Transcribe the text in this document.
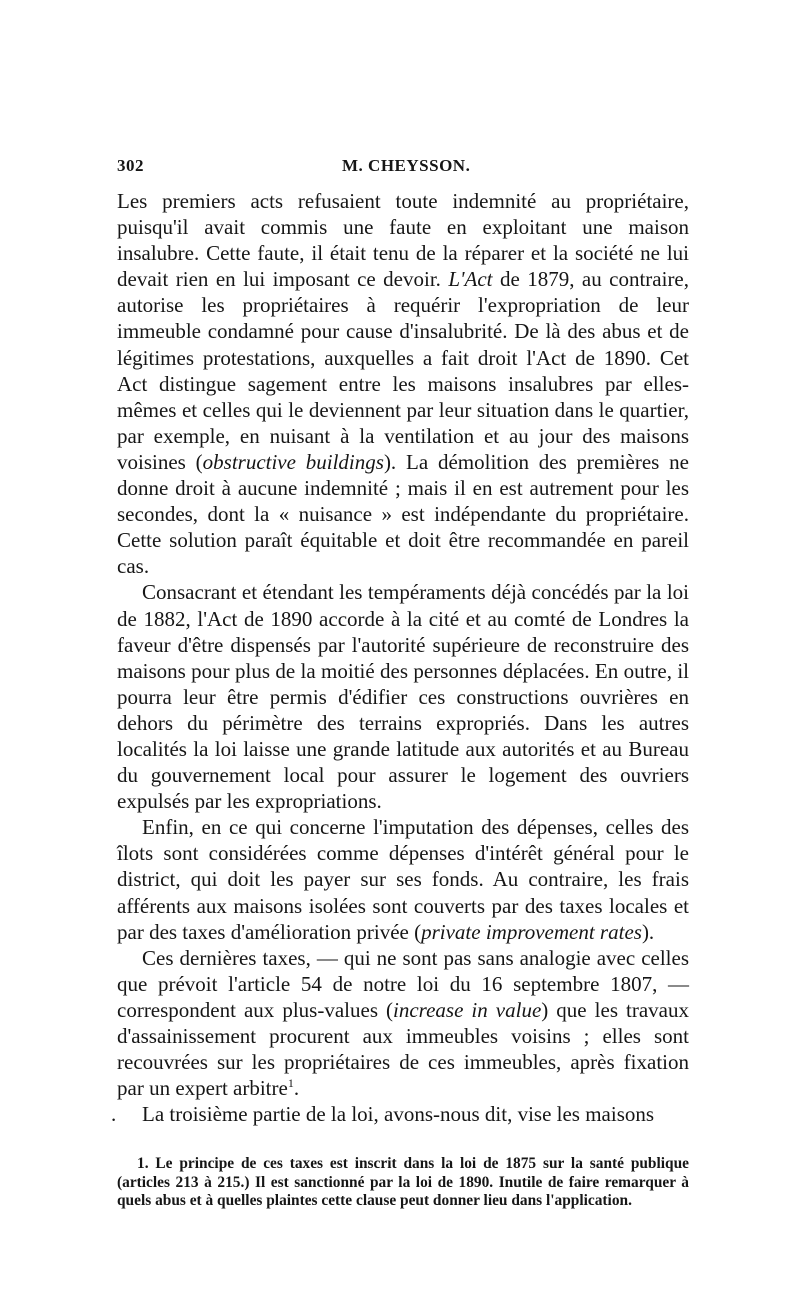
302	M. CHEYSSON.

Les premiers acts refusaient toute indemnité au propriétaire, puisqu'il avait commis une faute en exploitant une maison insalubre. Cette faute, il était tenu de la réparer et la société ne lui devait rien en lui imposant ce devoir. L'Act de 1879, au contraire, autorise les propriétaires à requérir l'expropriation de leur immeuble condamné pour cause d'insalubrité. De là des abus et de légitimes protestations, auxquelles a fait droit l'Act de 1890. Cet Act distingue sagement entre les maisons insalubres par elles-mêmes et celles qui le deviennent par leur situation dans le quartier, par exemple, en nuisant à la ventilation et au jour des maisons voisines (obstructive buildings). La démolition des premières ne donne droit à aucune indemnité ; mais il en est autrement pour les secondes, dont la « nuisance » est indépendante du propriétaire. Cette solution paraît équitable et doit être recommandée en pareil cas.

Consacrant et étendant les tempéraments déjà concédés par la loi de 1882, l'Act de 1890 accorde à la cité et au comté de Londres la faveur d'être dispensés par l'autorité supérieure de reconstruire des maisons pour plus de la moitié des personnes déplacées. En outre, il pourra leur être permis d'édifier ces constructions ouvrières en dehors du périmètre des terrains expropriés. Dans les autres localités la loi laisse une grande latitude aux autorités et au Bureau du gouvernement local pour assurer le logement des ouvriers expulsés par les expropriations.

Enfin, en ce qui concerne l'imputation des dépenses, celles des îlots sont considérées comme dépenses d'intérêt général pour le district, qui doit les payer sur ses fonds. Au contraire, les frais afférents aux maisons isolées sont couverts par des taxes locales et par des taxes d'amélioration privée (private improvement rates).

Ces dernières taxes, — qui ne sont pas sans analogie avec celles que prévoit l'article 54 de notre loi du 16 septembre 1807, — correspondent aux plus-values (increase in value) que les travaux d'assainissement procurent aux immeubles voisins ; elles sont recouvrées sur les propriétaires de ces immeubles, après fixation par un expert arbitre$^1$.

. La troisième partie de la loi, avons-nous dit, vise les maisons

1. Le principe de ces taxes est inscrit dans la loi de 1875 sur la santé publique (articles 213 à 215.) Il est sanctionné par la loi de 1890. Inutile de faire remarquer à quels abus et à quelles plaintes cette clause peut donner lieu dans l'application.
